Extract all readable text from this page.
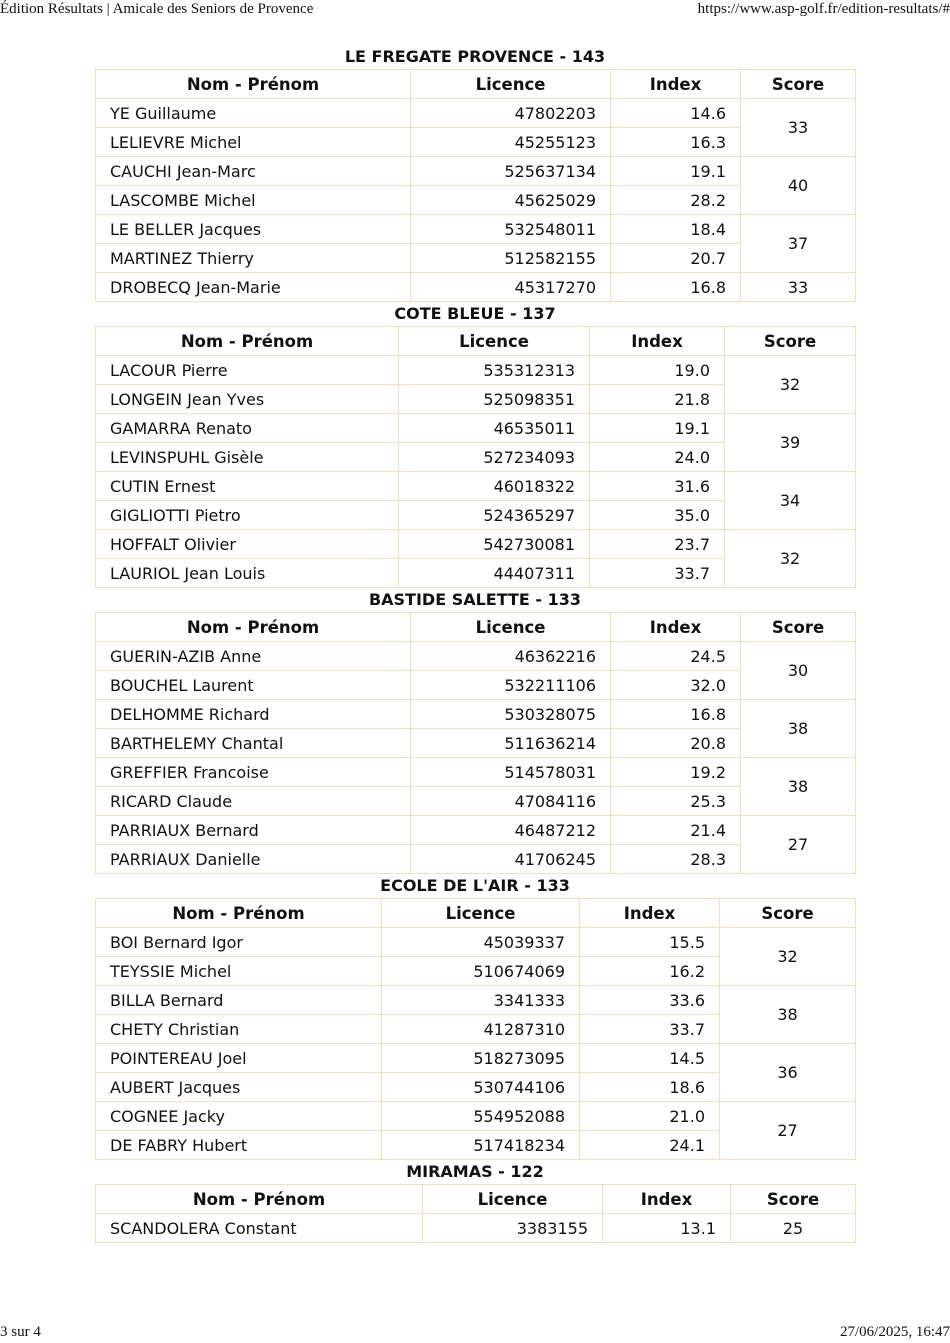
Édition Résultats | Amicale des Seniors de Provence	https://www.asp-golf.fr/edition-resultats/#
LE FREGATE PROVENCE - 143
Nom - Prénom	Licence	Index	Score
YE Guillaume	47802203	14.6	33
LELIEVRE Michel	45255123	16.3	
CAUCHI Jean-Marc	525637134	19.1	40
LASCOMBE Michel	45625029	28.2	
LE BELLER Jacques	532548011	18.4	37
MARTINEZ Thierry	512582155	20.7	
DROBECQ Jean-Marie	45317270	16.8	33
COTE BLEUE - 137
Nom - Prénom	Licence	Index	Score
LACOUR Pierre	535312313	19.0	32
LONGEIN Jean Yves	525098351	21.8	
GAMARRA Renato	46535011	19.1	39
LEVINSPUHL Gisèle	527234093	24.0	
CUTIN Ernest	46018322	31.6	34
GIGLIOTTI Pietro	524365297	35.0	
HOFFALT Olivier	542730081	23.7	32
LAURIOL Jean Louis	44407311	33.7	
BASTIDE SALETTE - 133
Nom - Prénom	Licence	Index	Score
GUERIN-AZIB Anne	46362216	24.5	30
BOUCHEL Laurent	532211106	32.0	
DELHOMME Richard	530328075	16.8	38
BARTHELEMY Chantal	511636214	20.8	
GREFFIER Francoise	514578031	19.2	38
RICARD Claude	47084116	25.3	
PARRIAUX Bernard	46487212	21.4	27
PARRIAUX Danielle	41706245	28.3	
ECOLE DE L'AIR - 133
Nom - Prénom	Licence	Index	Score
BOI Bernard Igor	45039337	15.5	32
TEYSSIE Michel	510674069	16.2	
BILLA Bernard	3341333	33.6	38
CHETY Christian	41287310	33.7	
POINTEREAU Joel	518273095	14.5	36
AUBERT Jacques	530744106	18.6	
COGNEE Jacky	554952088	21.0	27
DE FABRY Hubert	517418234	24.1	
MIRAMAS - 122
Nom - Prénom	Licence	Index	Score
SCANDOLERA Constant	3383155	13.1	25
3 sur 4	27/06/2025, 16:47
